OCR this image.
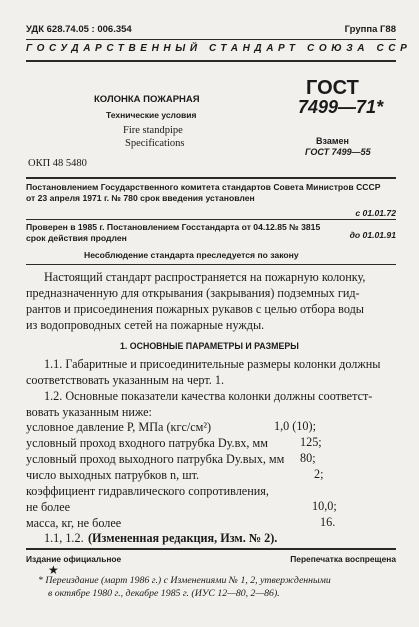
УДК 628.74.05 : 006.354	Группа Г88
ГОСУДАРСТВЕННЫЙ СТАНДАРТ СОЮЗА ССР
КОЛОНКА ПОЖАРНАЯ
Технические условия
Fire standpipe
Specifications
ОКП 48 5480
ГОСТ
7499—71*
Взамен
ГОСТ 7499—55
Постановлением Государственного комитета стандартов Совета Министров СССР
от 23 апреля 1971 г. № 780 срок введения установлен
с 01.01.72
Проверен в 1985 г. Постановлением Госстандарта от 04.12.85 № 3815
срок действия продлен	до 01.01.91
Несоблюдение стандарта преследуется по закону
Настоящий стандарт распространяется на пожарную колонку,
предназначенную для открывания (закрывания) подземных гид-
рантов и присоединения пожарных рукавов с целью отбора воды
из водопроводных сетей на пожарные нужды.
1. ОСНОВНЫЕ ПАРАМЕТРЫ И РАЗМЕРЫ
1.1. Габаритные и присоединительные размеры колонки должны
соответствовать указанным на черт. 1.
1.2. Основные показатели качества колонки должны соответст-
вовать указанным ниже:
условное давление P, МПа (кгс/см²)	1,0 (10);
условный проход входного патрубка Dу.вх, мм	125;
условный проход выходного патрубка Dу.вых, мм 80;
число выходных патрубков n, шт.	2;
коэффициент гидравлического сопротивления,
не более	10,0;
масса, кг, не более	16.
1.1, 1.2. (Измененная редакция, Изм. № 2).
Издание официальное	Перепечатка воспрещена
★
* Переиздание (март 1986 г.) с Изменениями № 1, 2, утвержденными
в октябре 1980 г., декабре 1985 г. (ИУС 12—80, 2—86).
